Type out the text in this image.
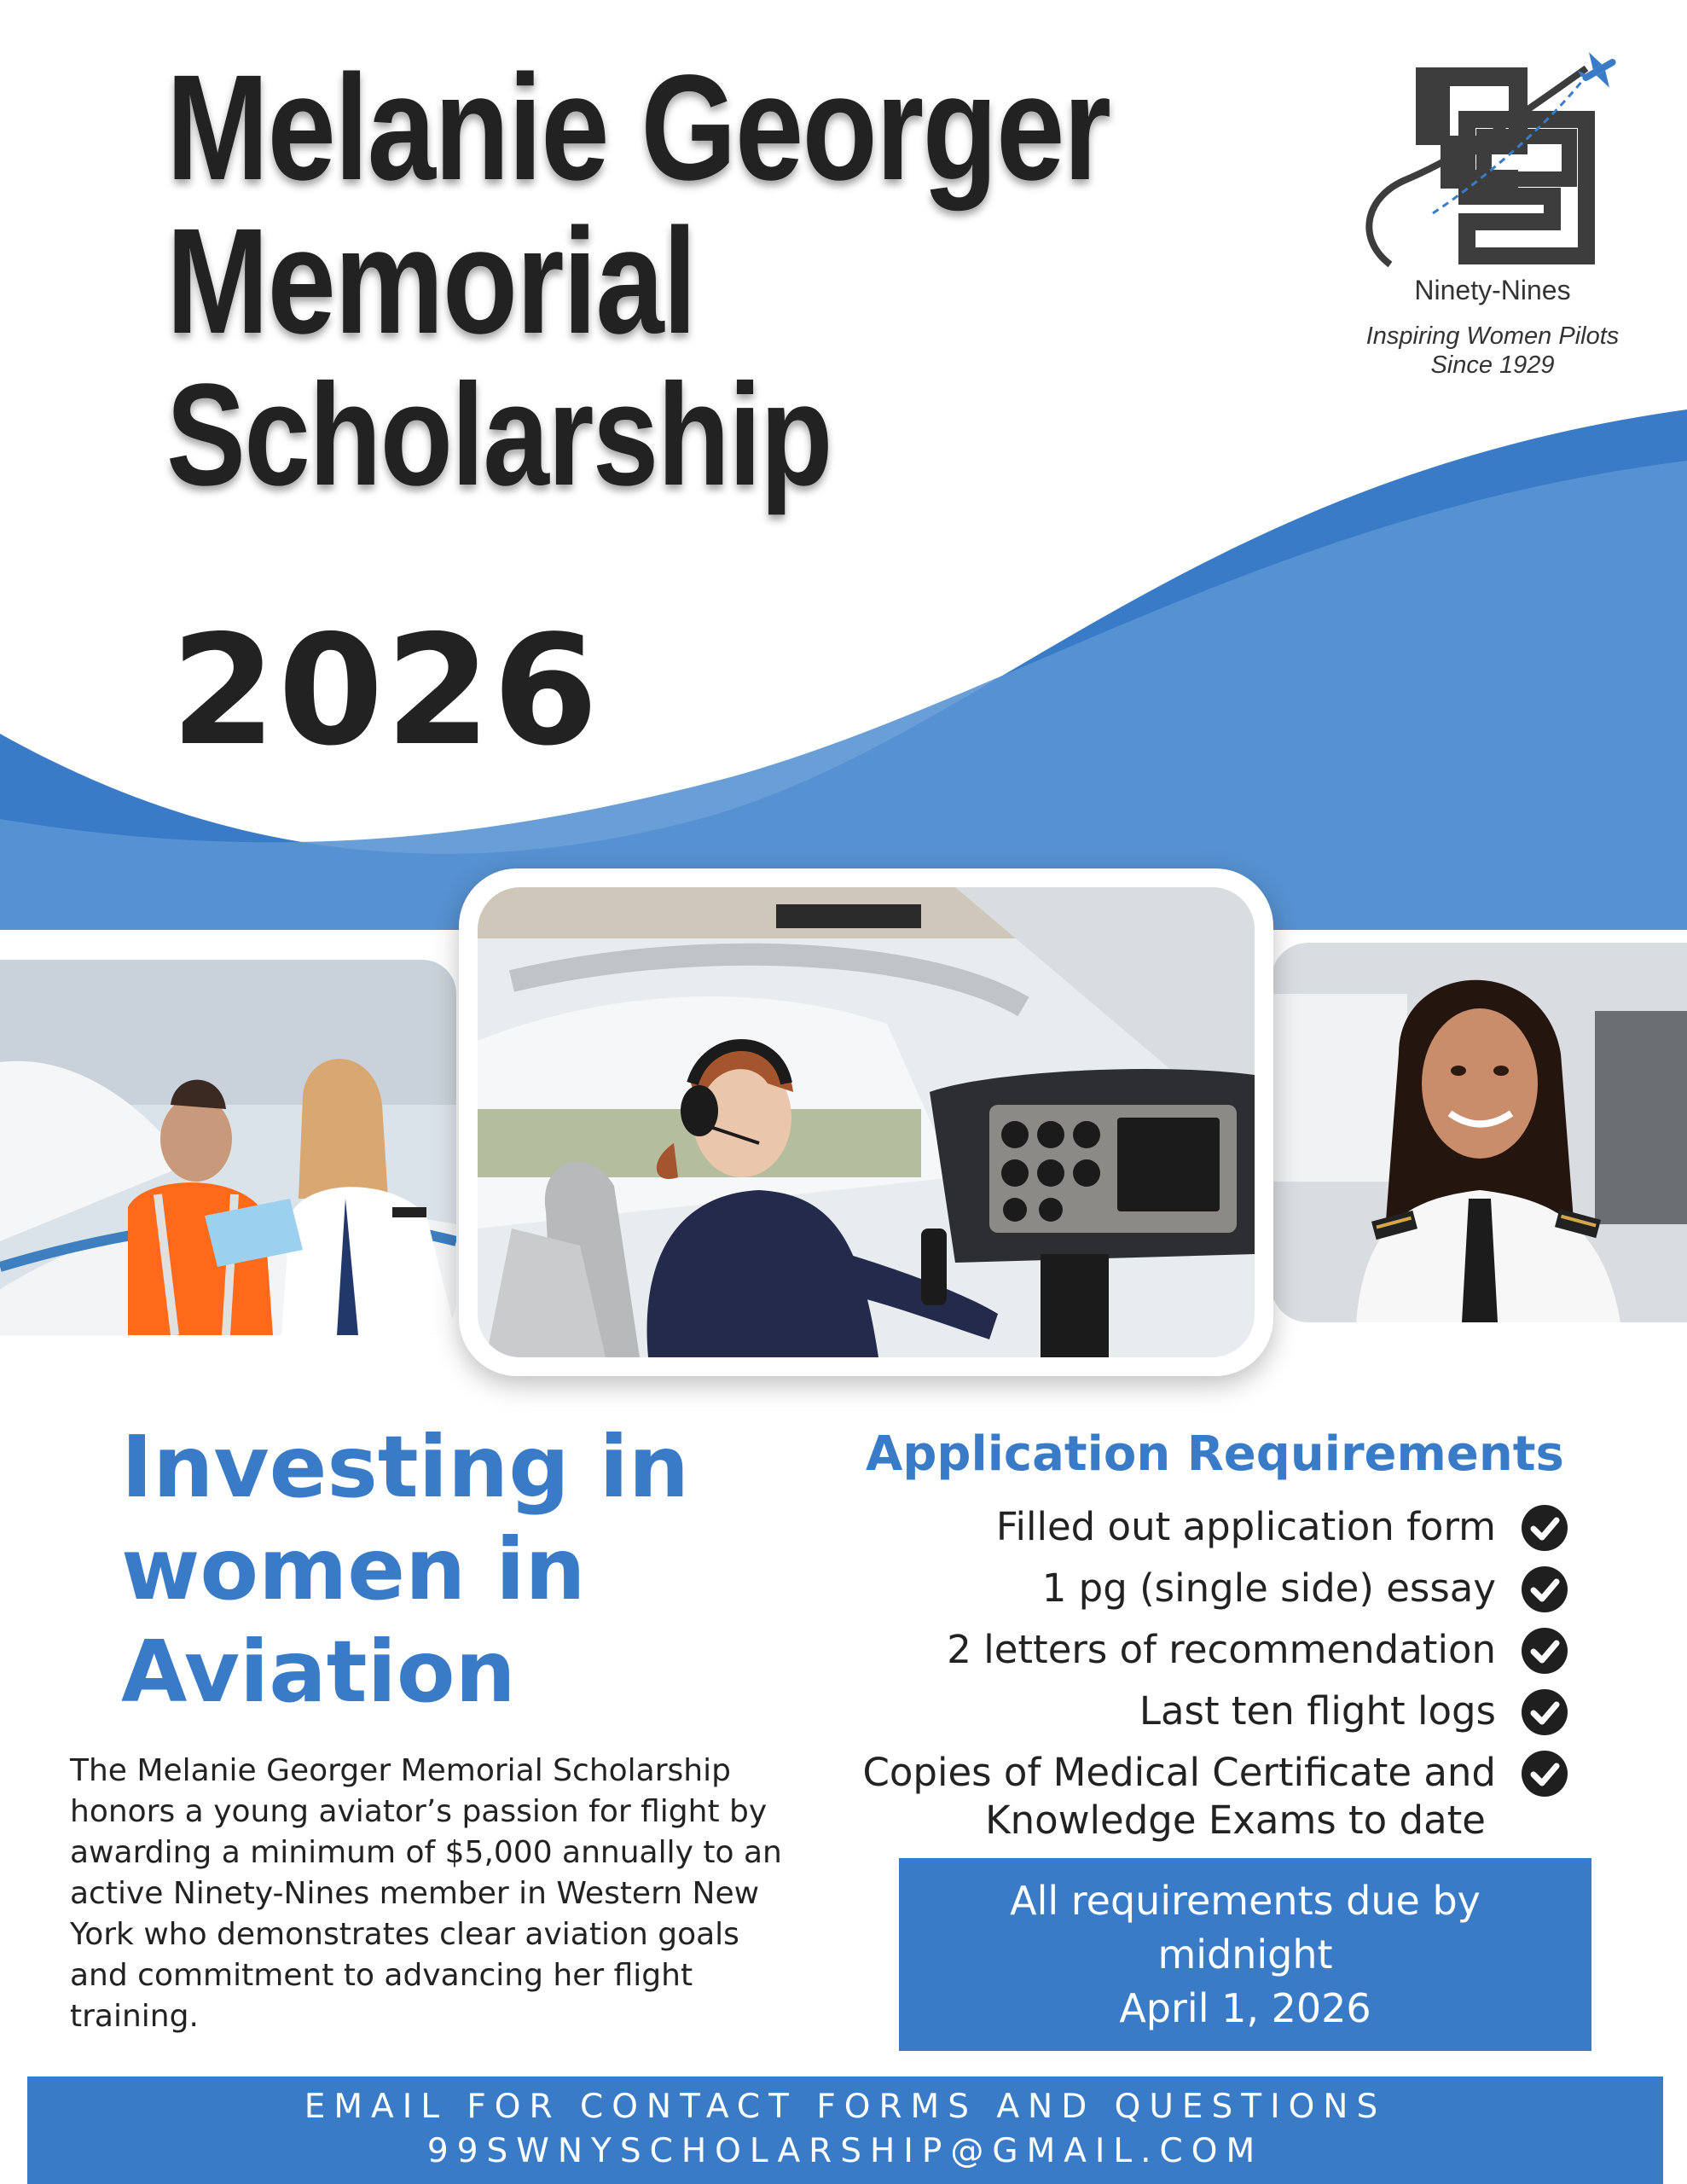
Melanie Georger
Memorial
Scholarship
2026
Ninety-Nines
Inspiring Women Pilots
Since 1929
Investing in
women in
Aviation

The Melanie Georger Memorial Scholarship honors a young aviator’s passion for flight by awarding a minimum of $5,000 annually to an active Ninety-Nines member in Western New York who demonstrates clear aviation goals and commitment to advancing her flight training.

Application Requirements
Filled out application form
1 pg (single side) essay
2 letters of recommendation
Last ten flight logs
Copies of Medical Certificate and
Knowledge Exams to date
All requirements due by
midnight
April 1, 2026
EMAIL FOR CONTACT FORMS AND QUESTIONS
99SWNYSCHOLARSHIP@GMAIL.COM
